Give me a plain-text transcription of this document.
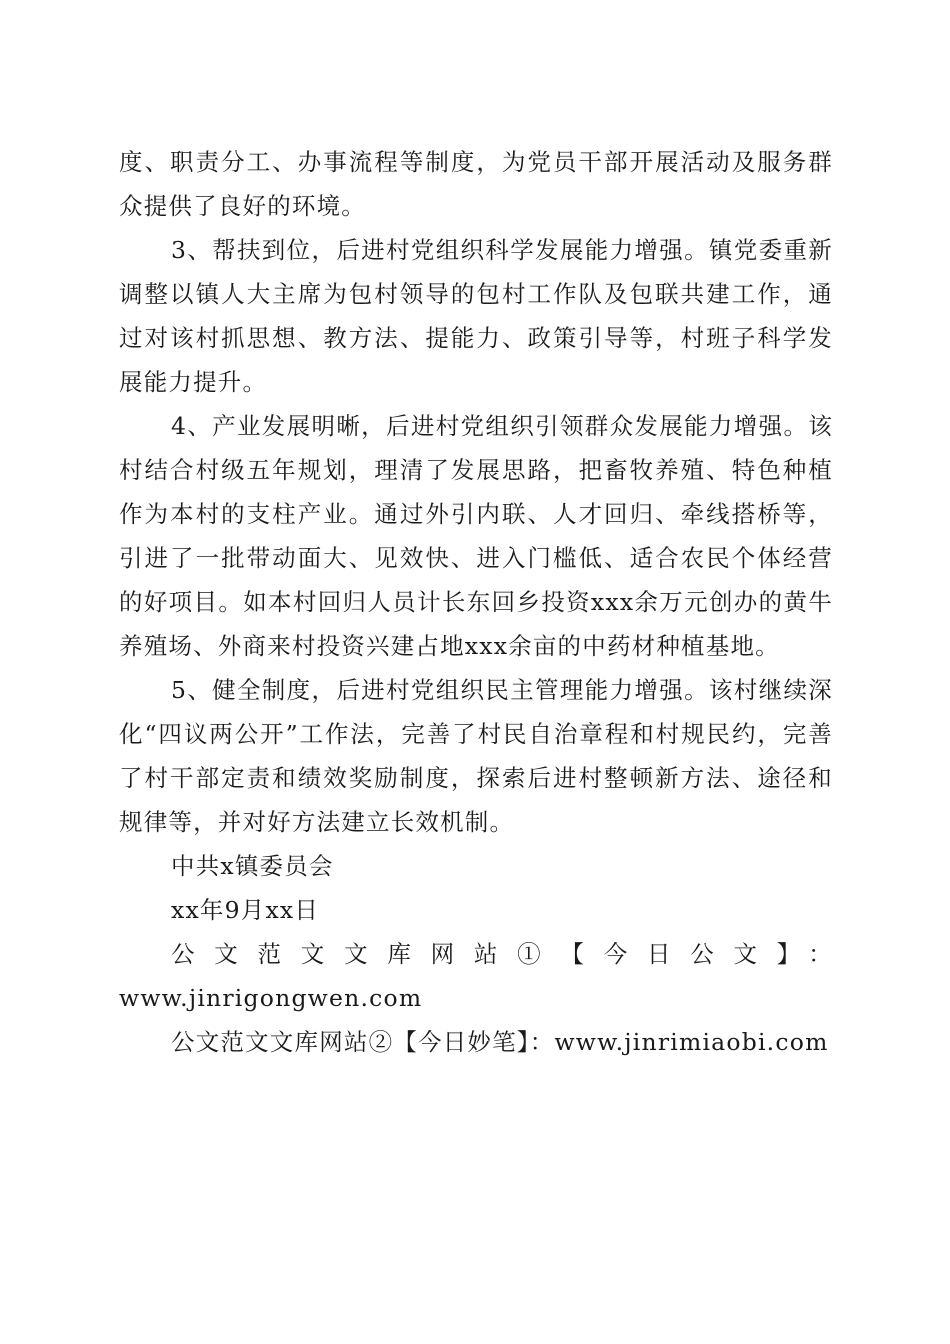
度、职责分工、办事流程等制度，为党员干部开展活动及服务群众提供了良好的环境。

3、帮扶到位，后进村党组织科学发展能力增强。镇党委重新调整以镇人大主席为包村领导的包村工作队及包联共建工作，通过对该村抓思想、教方法、提能力、政策引导等，村班子科学发展能力提升。

4、产业发展明晰，后进村党组织引领群众发展能力增强。该村结合村级五年规划，理清了发展思路，把畜牧养殖、特色种植作为本村的支柱产业。通过外引内联、人才回归、牵线搭桥等，引进了一批带动面大、见效快、进入门槛低、适合农民个体经营的好项目。如本村回归人员计长东回乡投资xxx余万元创办的黄牛养殖场、外商来村投资兴建占地xxx余亩的中药材种植基地。

5、健全制度，后进村党组织民主管理能力增强。该村继续深化“四议两公开”工作法，完善了村民自治章程和村规民约，完善了村干部定责和绩效奖励制度，探索后进村整顿新方法、途径和规律等，并对好方法建立长效机制。

中共x镇委员会

xx年9月xx日

公文范文文库网站①【今日公文】：

www.jinrigongwen.com

公文范文文库网站②【今日妙笔】：www.jinrimiaobi.com
